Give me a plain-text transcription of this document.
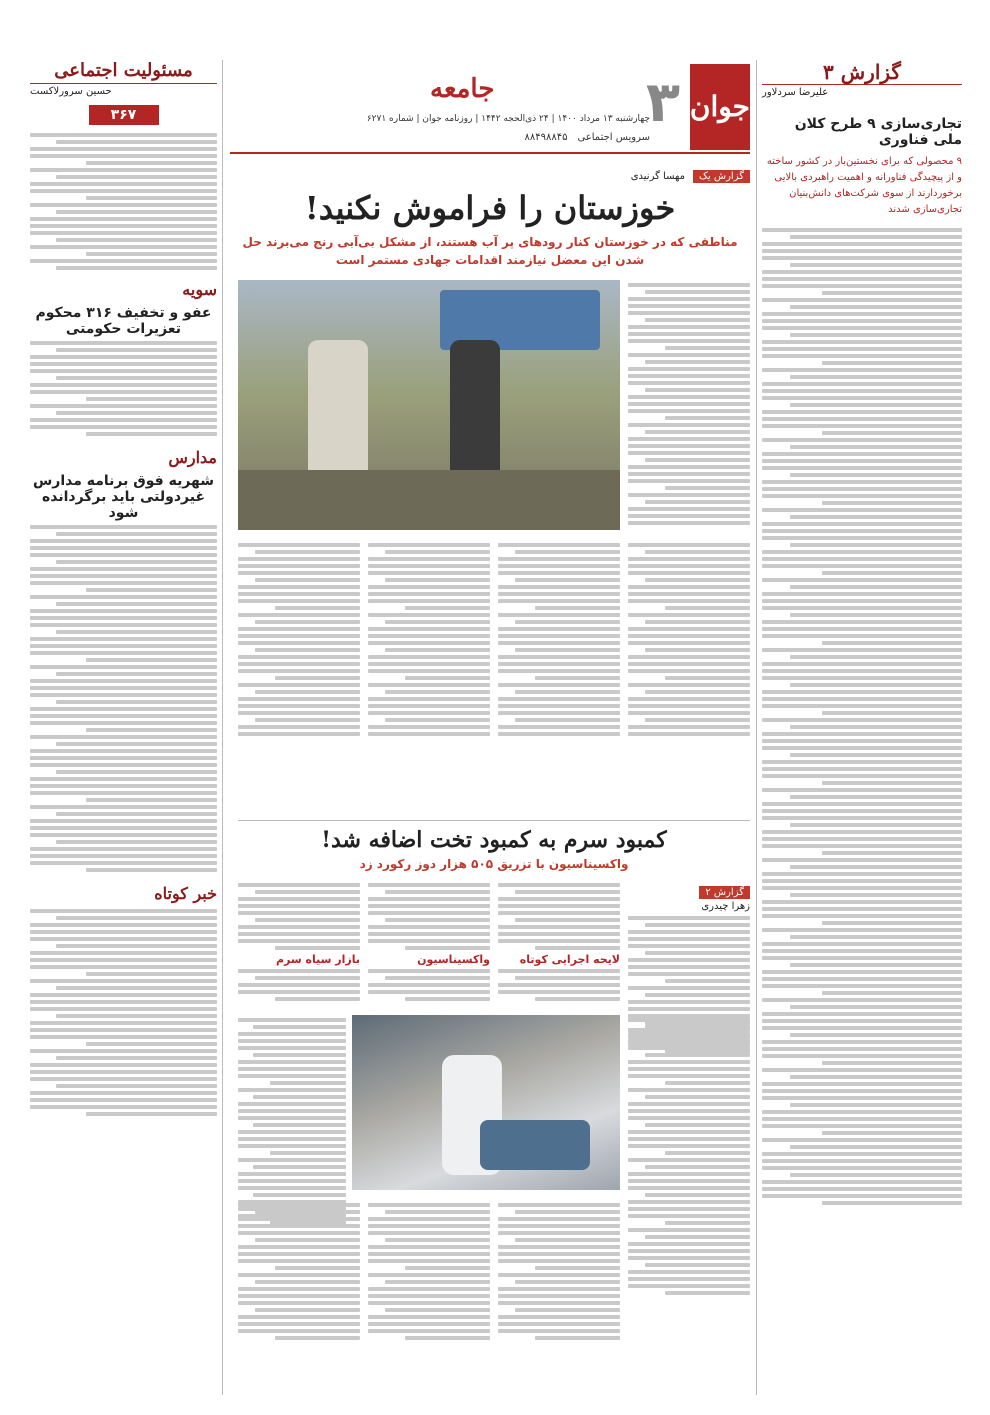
مسئولیت اجتماعی
حسین سرورلاکست
۳۶۷
سویه
عفو و تخفیف ۳۱۶ محکوم تعزیرات حکومتی
مدارس
شهریه فوق برنامه مدارس غیردولتی باید برگردانده شود
خبر کوتاه
جوان
۳
جامعه
چهارشنبه ۱۳ مرداد ۱۴۰۰ | ۲۴ ذی‌الحجه ۱۴۴۲ | روزنامه جوان | شماره ۶۲۷۱
سرویس اجتماعی
۸۸۴۹۸۸۴۵
گزارش یک
مهسا گرنیدی
خوزستان را فراموش نکنید!
مناطقی که در خوزستان کنار رودهای پر آب هستند، از مشکل بی‌آبی رنج می‌برند حل شدن این معضل نیازمند اقدامات جهادی مستمر است
کمبود سرم به کمبود تخت اضافه شد!
واکسیناسیون با تزریق ۵۰۵ هزار دوز رکورد زد
گزارش ۲
زهرا چیدری
بازار سیاه سرم	واکسیناسیون	لایحه اجرایی کوتاه
گزارش ۳
علیرضا سردلاور
تجاری‌سازی ۹ طرح کلان ملی فناوری
۹ محصولی که برای نخستین‌بار در کشور ساخته و از پیچیدگی فناورانه و اهمیت راهبردی بالایی برخوردارند از سوی شرکت‌های دانش‌بنیان تجاری‌سازی شدند
